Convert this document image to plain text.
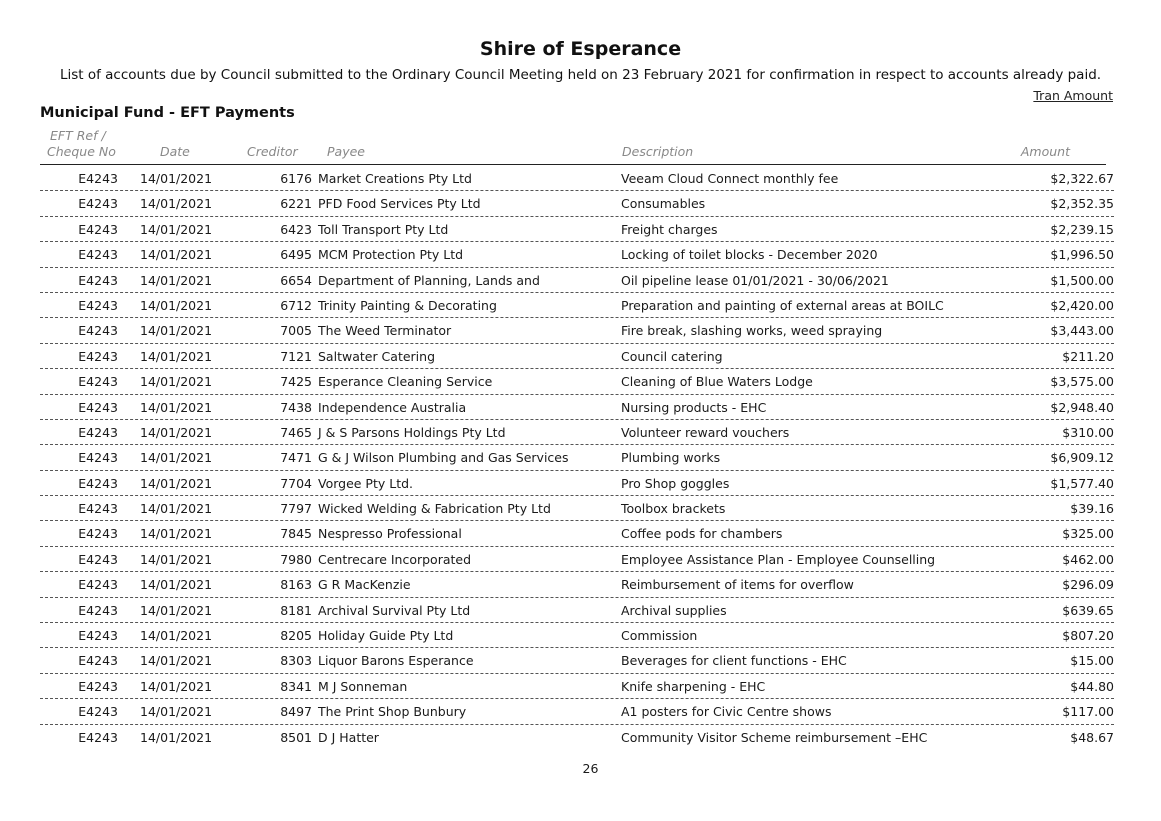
Shire of Esperance
List of accounts due by Council submitted to the Ordinary Council Meeting held on 23 February 2021 for confirmation in respect to accounts already paid.
Tran Amount
Municipal Fund - EFT Payments
EFT Ref /
Cheque No	Date	Creditor Payee	Description	Amount
E4243 14/01/2021	6176 Market Creations Pty Ltd	Veeam Cloud Connect monthly fee	$2,322.67
E4243 14/01/2021	6221 PFD Food Services Pty Ltd	Consumables	$2,352.35
E4243 14/01/2021	6423 Toll Transport Pty Ltd	Freight charges	$2,239.15
E4243 14/01/2021	6495 MCM Protection Pty Ltd	Locking of toilet blocks - December 2020	$1,996.50
E4243 14/01/2021	6654 Department of Planning, Lands and	Oil pipeline lease 01/01/2021 - 30/06/2021	$1,500.00
E4243 14/01/2021	6712 Trinity Painting & Decorating	Preparation and painting of external areas at BOILC	$2,420.00
E4243 14/01/2021	7005 The Weed Terminator	Fire break, slashing works, weed spraying	$3,443.00
E4243 14/01/2021	7121 Saltwater Catering	Council catering	$211.20
E4243 14/01/2021	7425 Esperance Cleaning Service	Cleaning of Blue Waters Lodge	$3,575.00
E4243 14/01/2021	7438 Independence Australia	Nursing products - EHC	$2,948.40
E4243 14/01/2021	7465 J & S Parsons Holdings Pty Ltd	Volunteer reward vouchers	$310.00
E4243 14/01/2021	7471 G & J Wilson Plumbing and Gas Services	Plumbing works	$6,909.12
E4243 14/01/2021	7704 Vorgee Pty Ltd.	Pro Shop goggles	$1,577.40
E4243 14/01/2021	7797 Wicked Welding & Fabrication Pty Ltd	Toolbox brackets	$39.16
E4243 14/01/2021	7845 Nespresso Professional	Coffee pods for chambers	$325.00
E4243 14/01/2021	7980 Centrecare Incorporated	Employee Assistance Plan - Employee Counselling	$462.00
E4243 14/01/2021	8163 G R MacKenzie	Reimbursement of items for overflow	$296.09
E4243 14/01/2021	8181 Archival Survival Pty Ltd	Archival supplies	$639.65
E4243 14/01/2021	8205 Holiday Guide Pty Ltd	Commission	$807.20
E4243 14/01/2021	8303 Liquor Barons Esperance	Beverages for client functions - EHC	$15.00
E4243 14/01/2021	8341 M J Sonneman	Knife sharpening - EHC	$44.80
E4243 14/01/2021	8497 The Print Shop Bunbury	A1 posters for Civic Centre shows	$117.00
E4243 14/01/2021	8501 D J Hatter	Community Visitor Scheme reimbursement –EHC	$48.67
26
